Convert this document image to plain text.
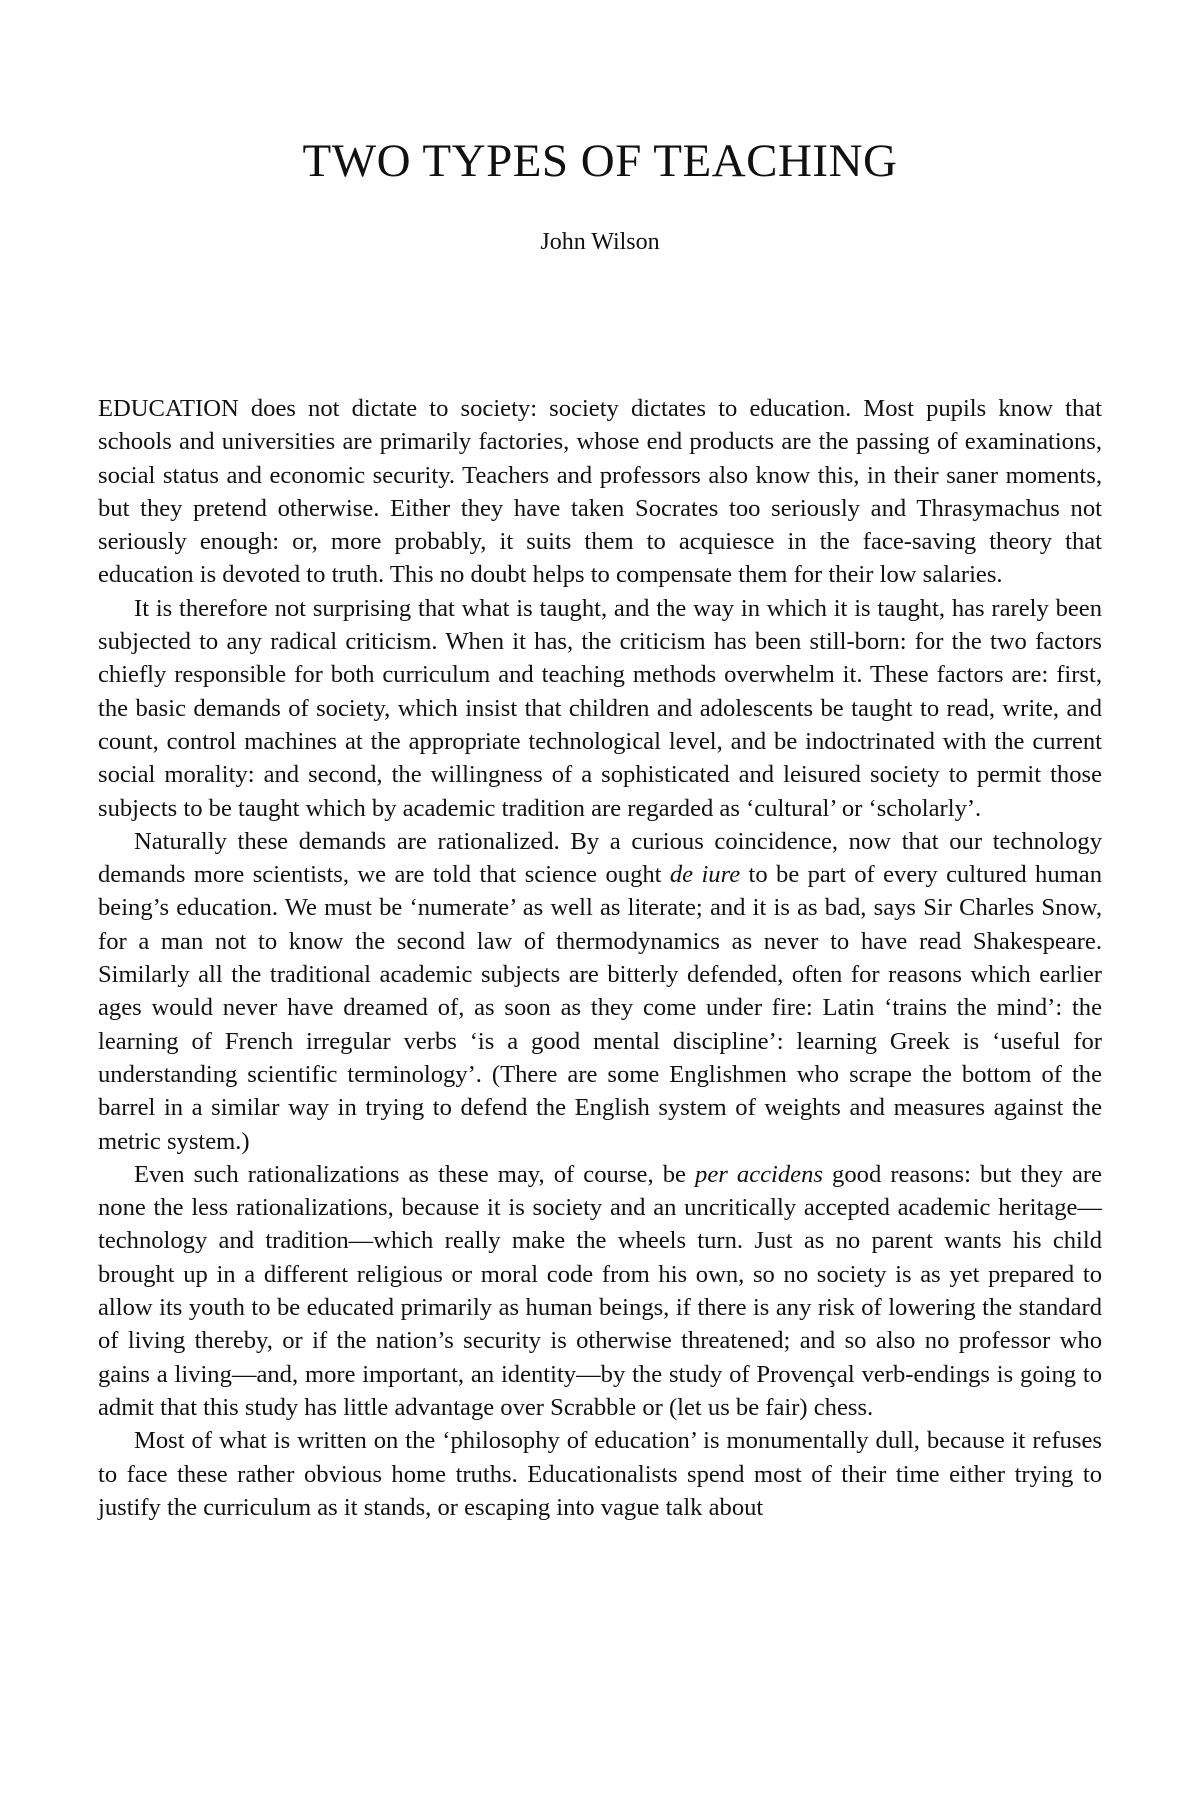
TWO TYPES OF TEACHING
John Wilson

EDUCATION does not dictate to society: society dictates to education. Most pupils know that schools and universities are primarily factories, whose end products are the passing of examinations, social status and economic security. Teachers and professors also know this, in their saner moments, but they pretend otherwise. Either they have taken Socrates too seriously and Thrasymachus not seriously enough: or, more probably, it suits them to acquiesce in the face-saving theory that education is devoted to truth. This no doubt helps to compensate them for their low salaries.

It is therefore not surprising that what is taught, and the way in which it is taught, has rarely been subjected to any radical criticism. When it has, the criticism has been still-born: for the two factors chiefly responsible for both curriculum and teaching methods overwhelm it. These factors are: first, the basic demands of society, which insist that children and adolescents be taught to read, write, and count, control machines at the appropriate technological level, and be indoctrinated with the current social morality: and second, the willingness of a sophisticated and leisured society to permit those subjects to be taught which by academic tradition are regarded as ‘cultural’ or ‘scholarly’.

Naturally these demands are rationalized. By a curious coincidence, now that our technology demands more scientists, we are told that science ought de iure to be part of every cultured human being’s education. We must be ‘numerate’ as well as literate; and it is as bad, says Sir Charles Snow, for a man not to know the second law of thermodynamics as never to have read Shakespeare. Similarly all the traditional academic subjects are bitterly defended, often for reasons which earlier ages would never have dreamed of, as soon as they come under fire: Latin ‘trains the mind’: the learning of French irregular verbs ‘is a good mental discipline’: learning Greek is ‘useful for understanding scientific terminology’. (There are some Englishmen who scrape the bottom of the barrel in a similar way in trying to defend the English system of weights and measures against the metric system.)

Even such rationalizations as these may, of course, be per accidens good reasons: but they are none the less rationalizations, because it is society and an uncritically accepted academic heritage—technology and tradition—which really make the wheels turn. Just as no parent wants his child brought up in a different religious or moral code from his own, so no society is as yet prepared to allow its youth to be educated primarily as human beings, if there is any risk of lowering the standard of living thereby, or if the nation’s security is otherwise threatened; and so also no professor who gains a living—and, more important, an identity—by the study of Provençal verb-endings is going to admit that this study has little advantage over Scrabble or (let us be fair) chess.

Most of what is written on the ‘philosophy of education’ is monumentally dull, because it refuses to face these rather obvious home truths. Educationalists spend most of their time either trying to justify the curriculum as it stands, or escaping into vague talk about
